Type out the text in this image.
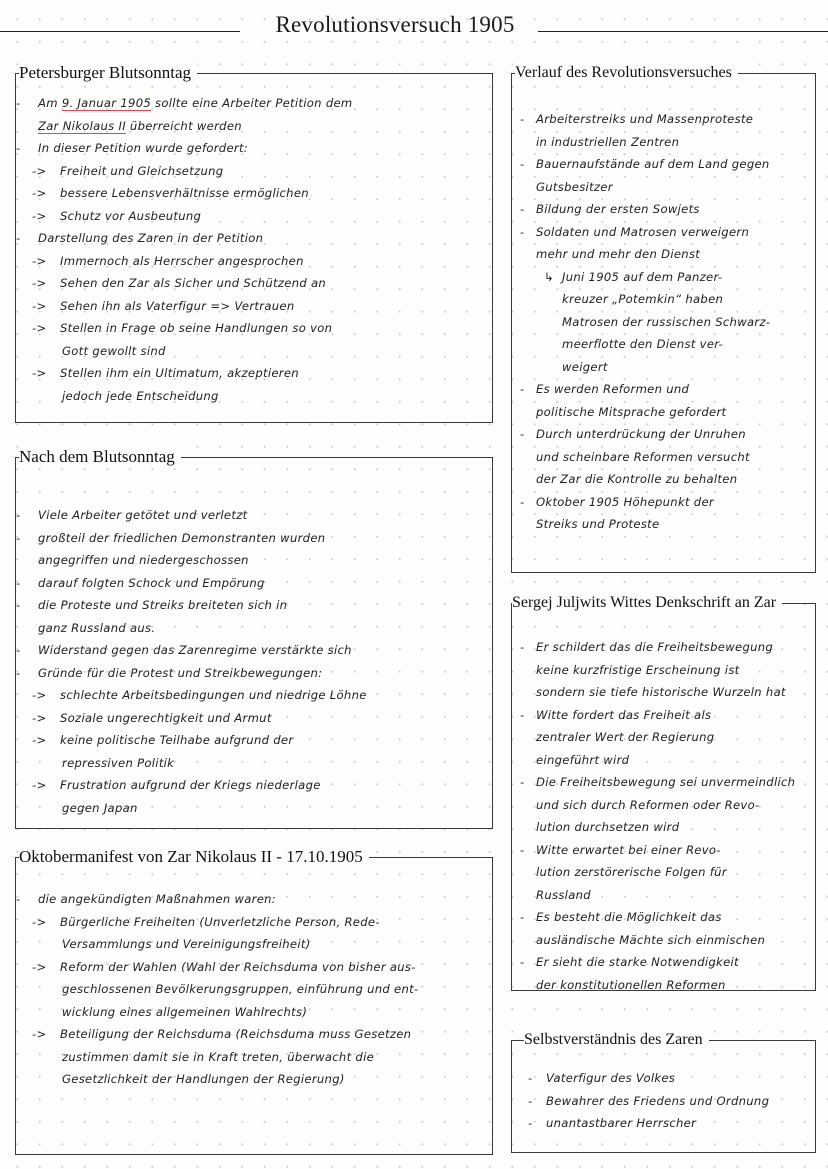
Revolutionsversuch 1905
Petersburger Blutsonntag
-	Am 9. Januar 1905 sollte eine Arbeiter Petition dem
Zar Nikolaus II überreicht werden
-	In dieser Petition wurde gefordert:
->	Freiheit und Gleichsetzung
->	bessere Lebensverhältnisse ermöglichen
->	Schutz vor Ausbeutung
-	Darstellung des Zaren in der Petition
->	Immernoch als Herrscher angesprochen
->	Sehen den Zar als Sicher und Schützend an
->	Sehen ihn als Vaterfigur => Vertrauen
->	Stellen in Frage ob seine Handlungen so von
Gott gewollt sind
->	Stellen ihm ein Ultimatum, akzeptieren
jedoch jede Entscheidung
Nach dem Blutsonntag
-	Viele Arbeiter getötet und verletzt
-	großteil der friedlichen Demonstranten wurden
angegriffen und niedergeschossen
-	darauf folgten Schock und Empörung
-	die Proteste und Streiks breiteten sich in
ganz Russland aus.
-	Widerstand gegen das Zarenregime verstärkte sich
-	Gründe für die Protest und Streikbewegungen:
->	schlechte Arbeitsbedingungen und niedrige Löhne
->	Soziale ungerechtigkeit und Armut
->	keine politische Teilhabe aufgrund der
repressiven Politik
->	Frustration aufgrund der Kriegs niederlage
gegen Japan
Oktobermanifest von Zar Nikolaus II - 17.10.1905
-	die angekündigten Maßnahmen waren:
->	Bürgerliche Freiheiten (Unverletzliche Person, Rede-
Versammlungs und Vereinigungsfreiheit)
->	Reform der Wahlen (Wahl der Reichsduma von bisher aus-
geschlossenen Bevölkerungsgruppen, einführung und ent-
wicklung eines allgemeinen Wahlrechts)
->	Beteiligung der Reichsduma (Reichsduma muss Gesetzen
zustimmen damit sie in Kraft treten, überwacht die
Gesetzlichkeit der Handlungen der Regierung)
Verlauf des Revolutionsversuches
- Arbeiterstreiks und Massenproteste
in industriellen Zentren
- Bauernaufstände auf dem Land gegen
Gutsbesitzer
- Bildung der ersten Sowjets
- Soldaten und Matrosen verweigern
mehr und mehr den Dienst
↳ Juni 1905 auf dem Panzer-
kreuzer „Potemkin“ haben
Matrosen der russischen Schwarz-
meerflotte den Dienst ver-
weigert
- Es werden Reformen und
politische Mitsprache gefordert
- Durch unterdrückung der Unruhen
und scheinbare Reformen versucht
der Zar die Kontrolle zu behalten
- Oktober 1905 Höhepunkt der
Streiks und Proteste
Sergej Juljwits Wittes Denkschrift an Zar
- Er schildert das die Freiheitsbewegung
keine kurzfristige Erscheinung ist
sondern sie tiefe historische Wurzeln hat
- Witte fordert das Freiheit als
zentraler Wert der Regierung
eingeführt wird
- Die Freiheitsbewegung sei unvermeindlich
und sich durch Reformen oder Revo-
lution durchsetzen wird
- Witte erwartet bei einer Revo-
lution zerstörerische Folgen für
Russland
- Es besteht die Möglichkeit das
ausländische Mächte sich einmischen
- Er sieht die starke Notwendigkeit
der konstitutionellen Reformen
Selbstverständnis des Zaren
-	Vaterfigur des Volkes
-	Bewahrer des Friedens und Ordnung
-	unantastbarer Herrscher
